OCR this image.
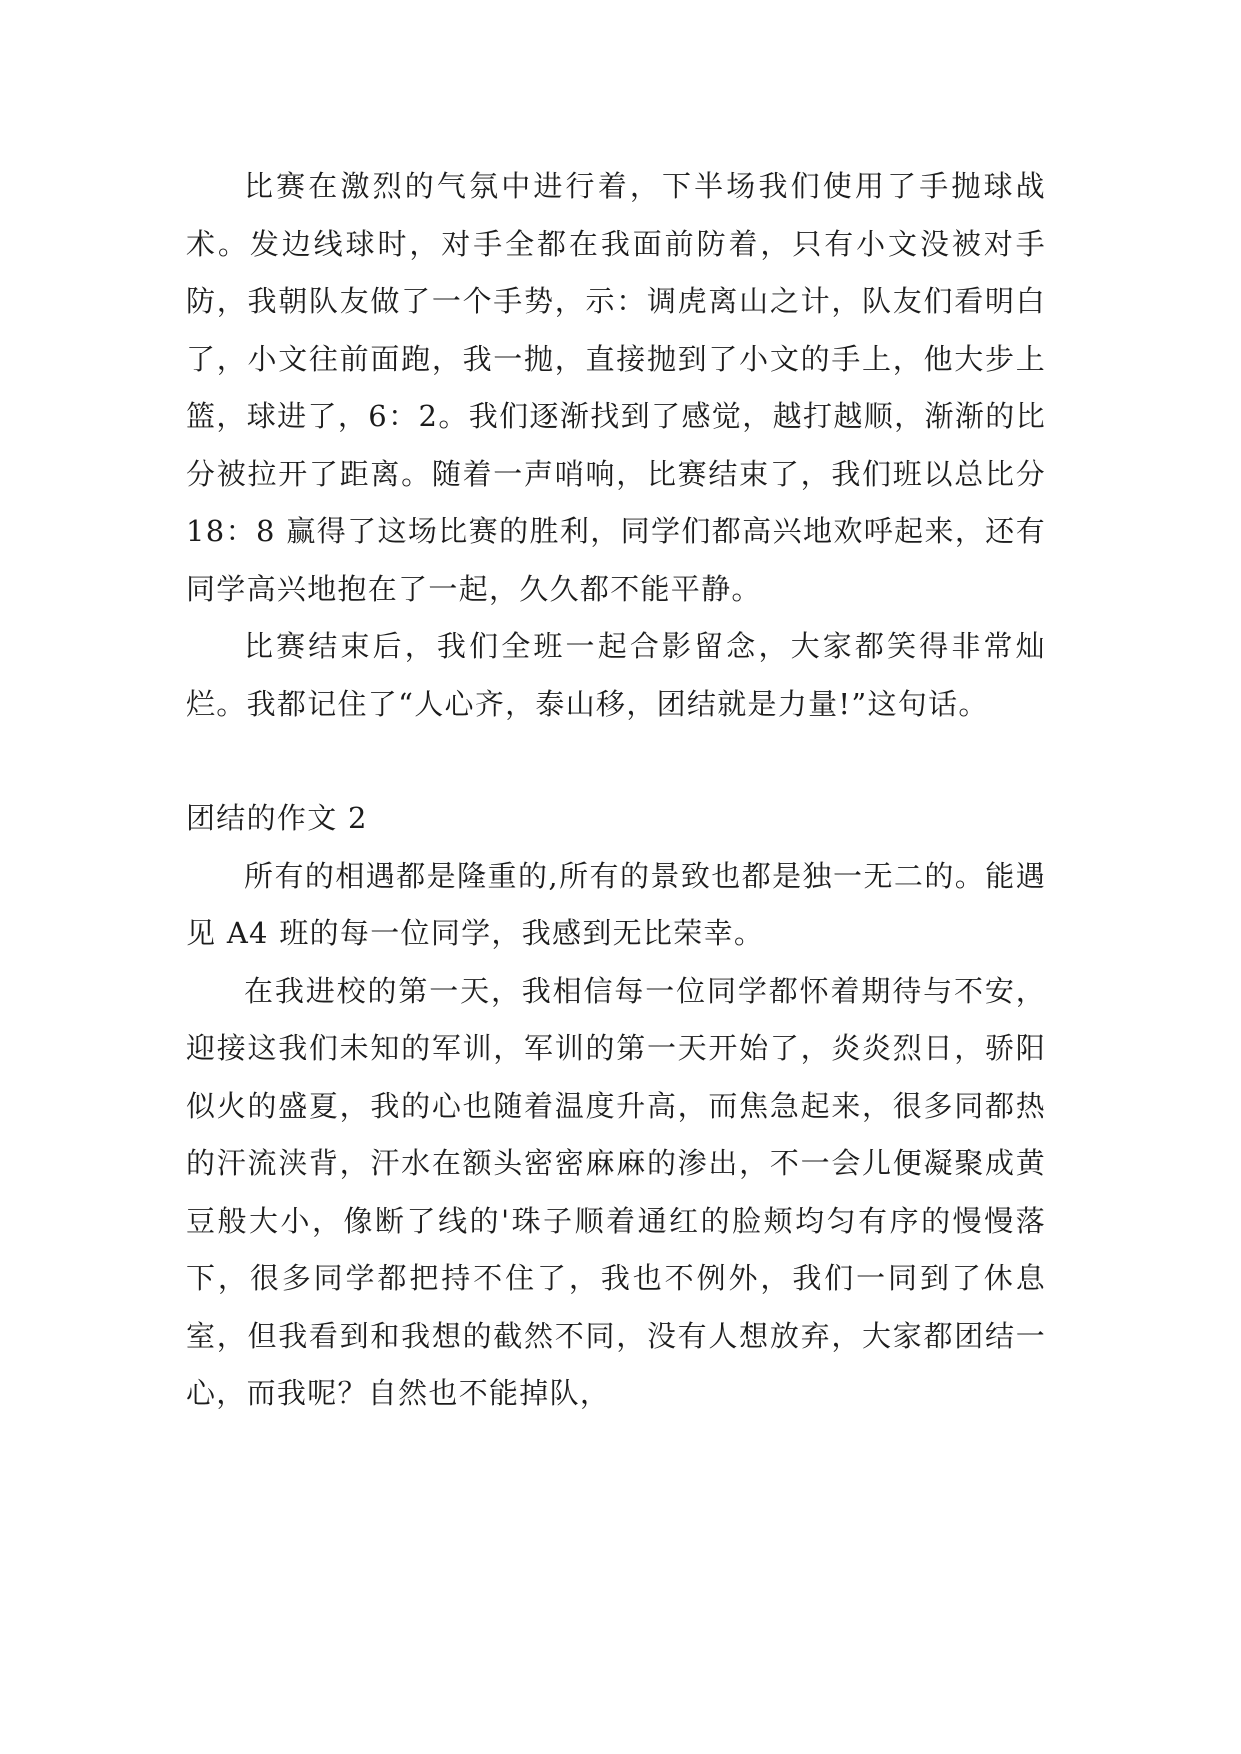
比赛在激烈的气氛中进行着，下半场我们使用了手抛球战术。发边线球时，对手全都在我面前防着，只有小文没被对手防，我朝队友做了一个手势，示：调虎离山之计，队友们看明白了，小文往前面跑，我一抛，直接抛到了小文的手上，他大步上篮，球进了，6：2。我们逐渐找到了感觉，越打越顺，渐渐的比分被拉开了距离。随着一声哨响，比赛结束了，我们班以总比分 18：8 赢得了这场比赛的胜利，同学们都高兴地欢呼起来，还有同学高兴地抱在了一起，久久都不能平静。

比赛结束后，我们全班一起合影留念，大家都笑得非常灿烂。我都记住了“人心齐，泰山移，团结就是力量!”这句话。

团结的作文 2

所有的相遇都是隆重的,所有的景致也都是独一无二的。能遇见 A4 班的每一位同学，我感到无比荣幸。

在我进校的第一天，我相信每一位同学都怀着期待与不安，迎接这我们未知的军训，军训的第一天开始了，炎炎烈日，骄阳似火的盛夏，我的心也随着温度升高，而焦急起来，很多同都热的汗流浃背，汗水在额头密密麻麻的渗出，不一会儿便凝聚成黄豆般大小，像断了线的'珠子顺着通红的脸颊均匀有序的慢慢落下，很多同学都把持不住了，我也不例外，我们一同到了休息室，但我看到和我想的截然不同，没有人想放弃，大家都团结一心，而我呢？自然也不能掉队，
